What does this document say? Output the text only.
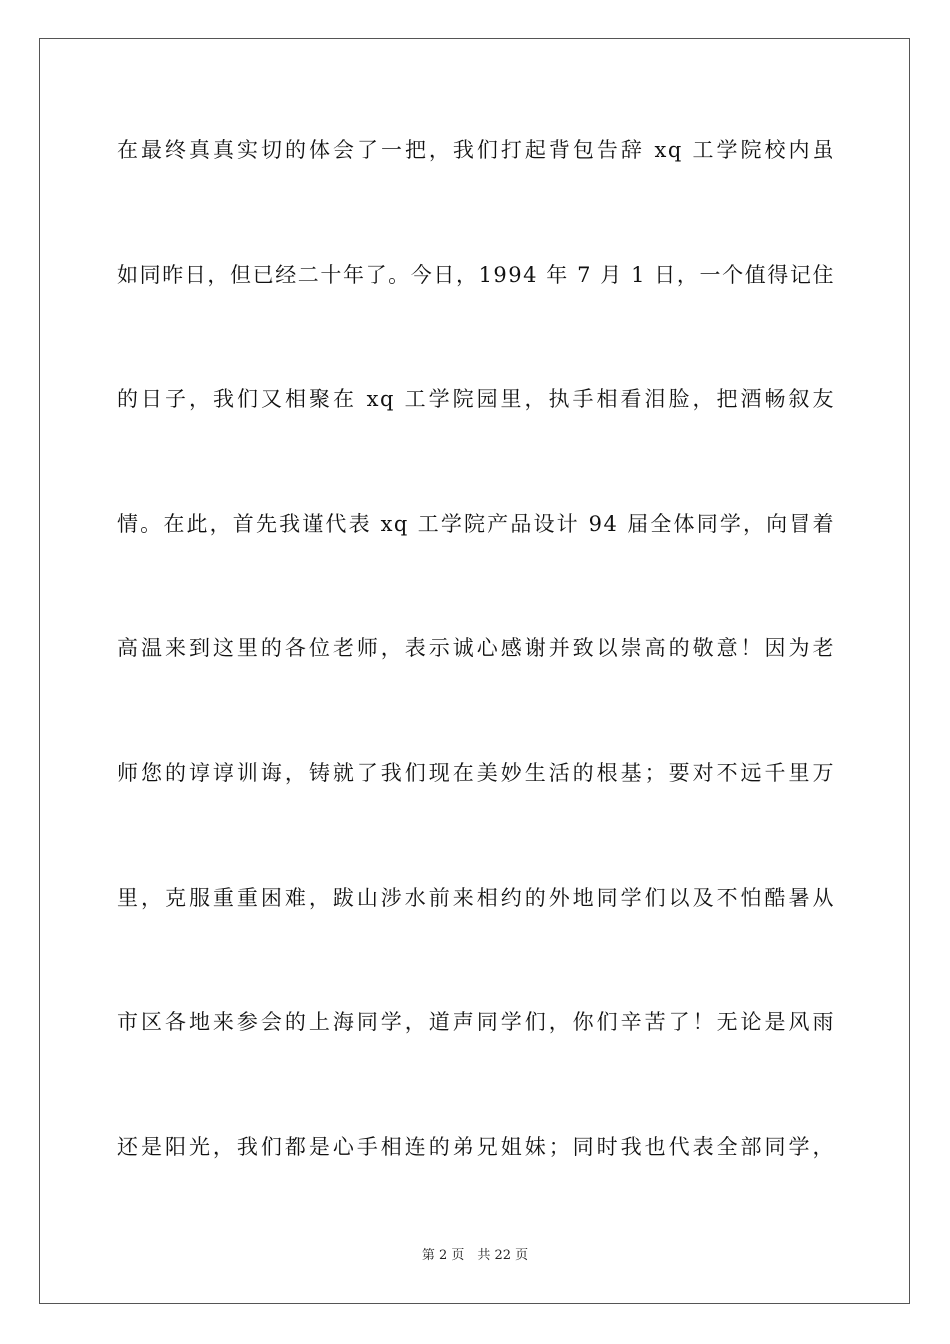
在最终真真实切的体会了一把，我们打起背包告辞 xq 工学院校内虽
如同昨日，但已经二十年了。今日，1994 年 7 月 1 日，一个值得记住
的日子，我们又相聚在 xq 工学院园里，执手相看泪脸，把酒畅叙友
情。在此，首先我谨代表 xq 工学院产品设计 94 届全体同学，向冒着
高温来到这里的各位老师，表示诚心感谢并致以崇高的敬意！因为老
师您的谆谆训诲，铸就了我们现在美妙生活的根基；要对不远千里万
里，克服重重困难，跋山涉水前来相约的外地同学们以及不怕酷暑从
市区各地来参会的上海同学，道声同学们，你们辛苦了！无论是风雨
还是阳光，我们都是心手相连的弟兄姐妹；同时我也代表全部同学，
第 2 页　共 22 页
